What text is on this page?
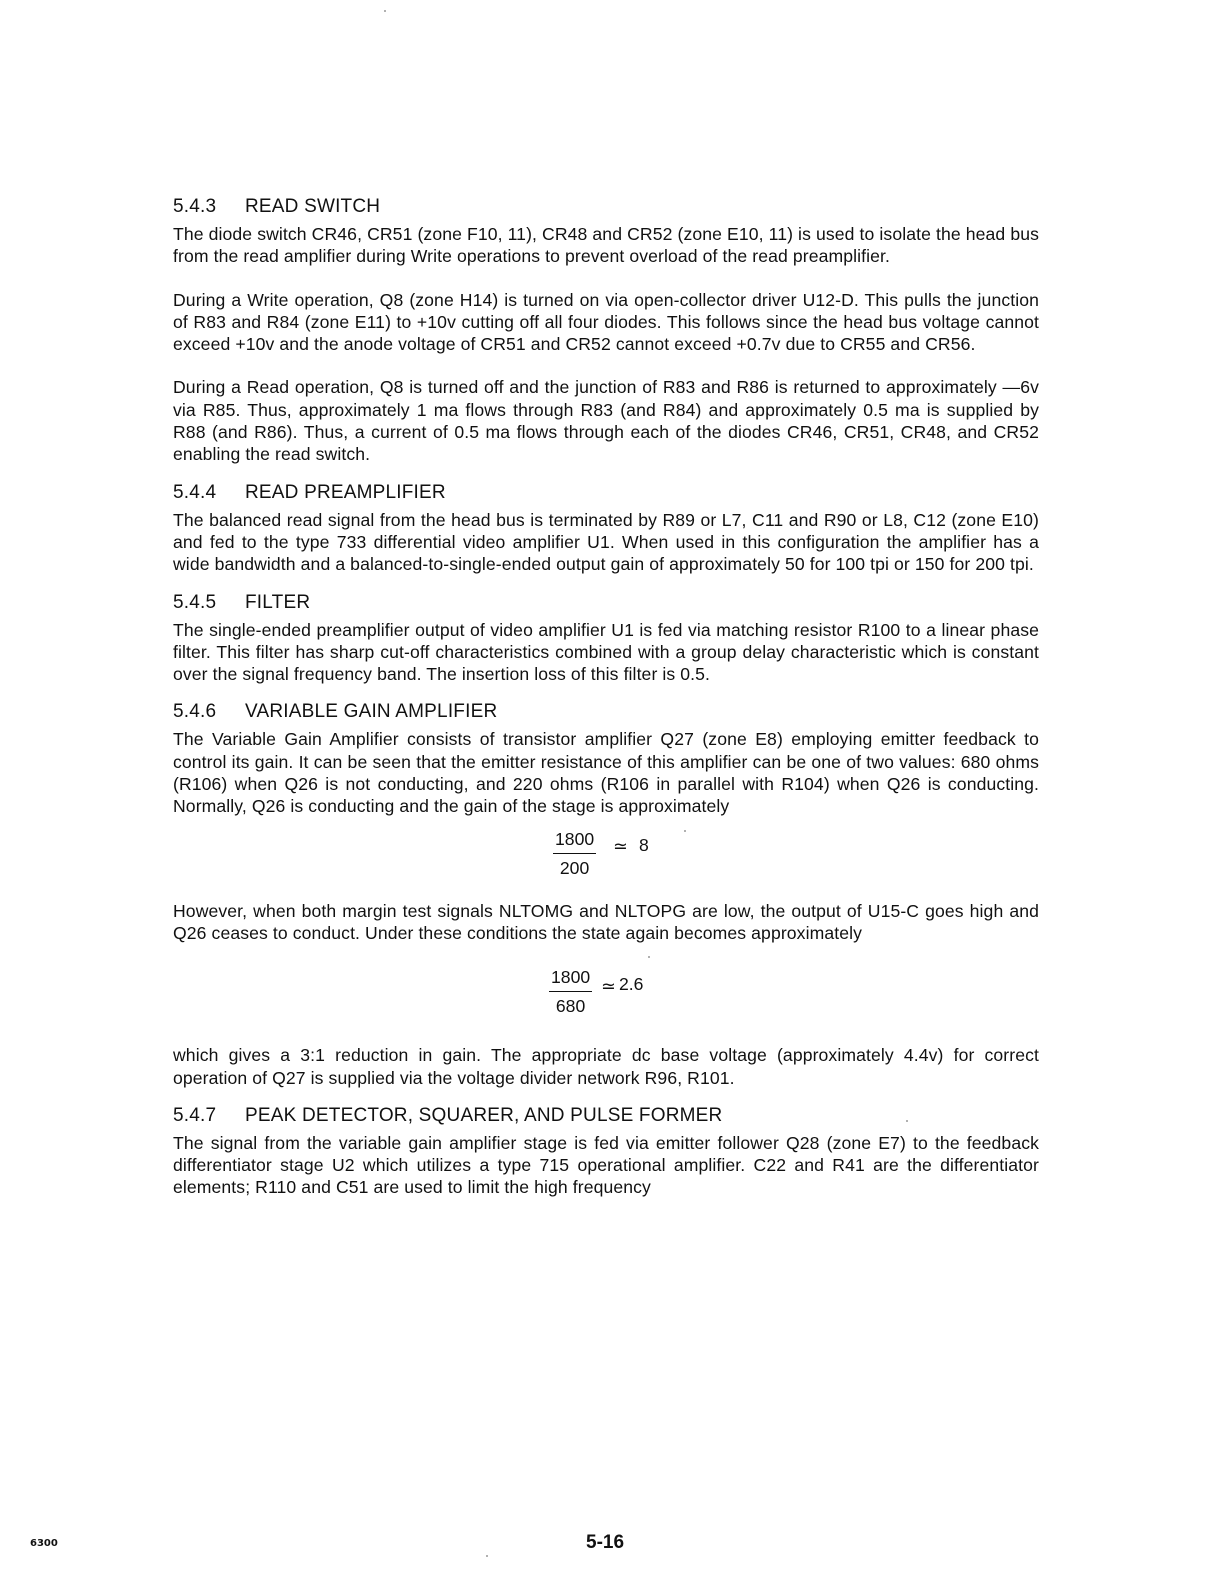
5.4.3 READ SWITCH

The diode switch CR46, CR51 (zone F10, 11), CR48 and CR52 (zone E10, 11) is used to isolate the head bus from the read amplifier during Write operations to prevent overload of the read preamplifier.

During a Write operation, Q8 (zone H14) is turned on via open-collector driver U12-D. This pulls the junction of R83 and R84 (zone E11) to +10v cutting off all four diodes. This follows since the head bus voltage cannot exceed +10v and the anode voltage of CR51 and CR52 cannot exceed +0.7v due to CR55 and CR56.

During a Read operation, Q8 is turned off and the junction of R83 and R86 is returned to approximately —6v via R85. Thus, approximately 1 ma flows through R83 (and R84) and approximately 0.5 ma is supplied by R88 (and R86). Thus, a current of 0.5 ma flows through each of the diodes CR46, CR51, CR48, and CR52 enabling the read switch.

5.4.4 READ PREAMPLIFIER

The balanced read signal from the head bus is terminated by R89 or L7, C11 and R90 or L8, C12 (zone E10) and fed to the type 733 differential video amplifier U1. When used in this configuration the amplifier has a wide bandwidth and a balanced-to-single-ended output gain of approximately 50 for 100 tpi or 150 for 200 tpi.

5.4.5 FILTER

The single-ended preamplifier output of video amplifier U1 is fed via matching resistor R100 to a linear phase filter. This filter has sharp cut-off characteristics combined with a group delay characteristic which is constant over the signal frequency band. The insertion loss of this filter is 0.5.

5.4.6 VARIABLE GAIN AMPLIFIER

The Variable Gain Amplifier consists of transistor amplifier Q27 (zone E8) employing emitter feedback to control its gain. It can be seen that the emitter resistance of this amplifier can be one of two values: 680 ohms (R106) when Q26 is not conducting, and 220 ohms (R106 in parallel with R104) when Q26 is conducting. Normally, Q26 is conducting and the gain of the stage is approximately

1800
200
≃ 8

However, when both margin test signals NLTOMG and NLTOPG are low, the output of U15-C goes high and Q26 ceases to conduct. Under these conditions the state again becomes approximately

1800
680
≃ 2.6

which gives a 3:1 reduction in gain. The appropriate dc base voltage (approximately 4.4v) for correct operation of Q27 is supplied via the voltage divider network R96, R101.

5.4.7 PEAK DETECTOR, SQUARER, AND PULSE FORMER

The signal from the variable gain amplifier stage is fed via emitter follower Q28 (zone E7) to the feedback differentiator stage U2 which utilizes a type 715 operational amplifier. C22 and R41 are the differentiator elements; R110 and C51 are used to limit the high frequency

6300	5-16
